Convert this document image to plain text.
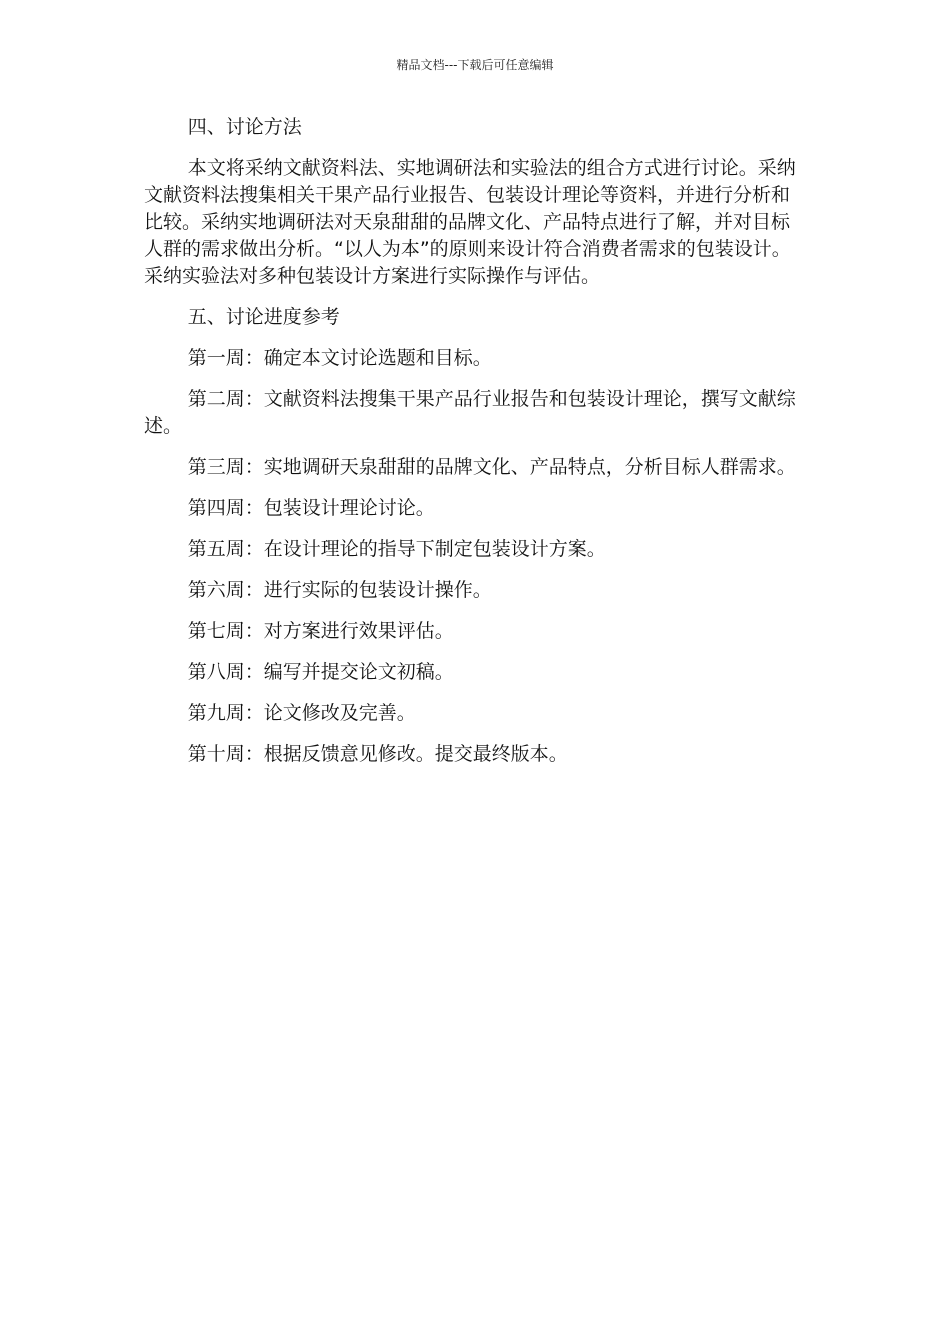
精品文档---下载后可任意编辑

四、讨论方法

本文将采纳文献资料法、实地调研法和实验法的组合方式进行讨论。采纳文献资料法搜集相关干果产品行业报告、包装设计理论等资料，并进行分析和比较。采纳实地调研法对天泉甜甜的品牌文化、产品特点进行了解，并对目标人群的需求做出分析。“以人为本”的原则来设计符合消费者需求的包装设计。采纳实验法对多种包装设计方案进行实际操作与评估。

五、讨论进度参考

第一周：确定本文讨论选题和目标。

第二周：文献资料法搜集干果产品行业报告和包装设计理论，撰写文献综述。

第三周：实地调研天泉甜甜的品牌文化、产品特点，分析目标人群需求。

第四周：包装设计理论讨论。

第五周：在设计理论的指导下制定包装设计方案。

第六周：进行实际的包装设计操作。

第七周：对方案进行效果评估。

第八周：编写并提交论文初稿。

第九周：论文修改及完善。

第十周：根据反馈意见修改。提交最终版本。
